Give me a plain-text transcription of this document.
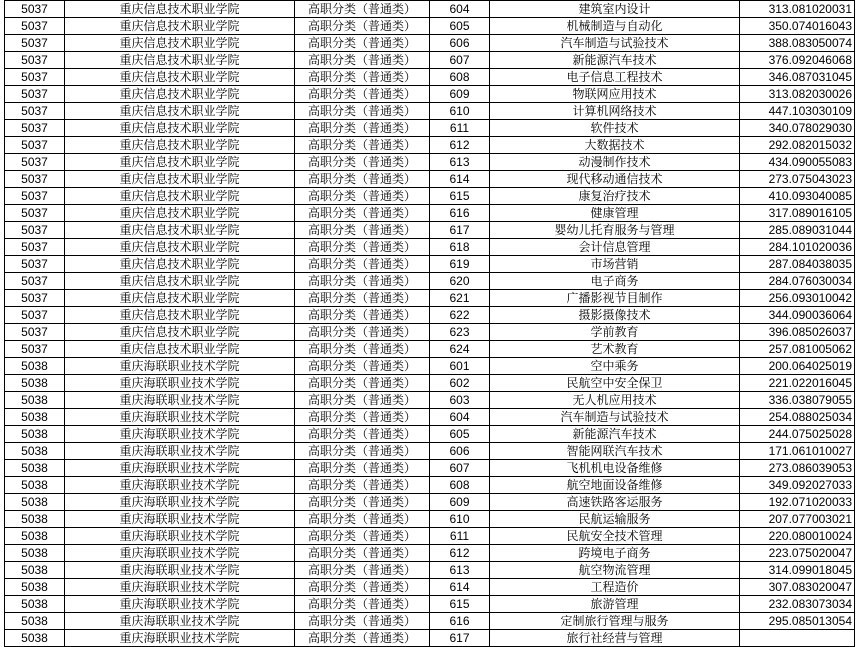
5037	重庆信息技术职业学院	高职分类（普通类）	604	建筑室内设计	313.081020031
5037	重庆信息技术职业学院	高职分类（普通类）	605	机械制造与自动化	350.074016043
5037	重庆信息技术职业学院	高职分类（普通类）	606	汽车制造与试验技术	388.083050074
5037	重庆信息技术职业学院	高职分类（普通类）	607	新能源汽车技术	376.092046068
5037	重庆信息技术职业学院	高职分类（普通类）	608	电子信息工程技术	346.087031045
5037	重庆信息技术职业学院	高职分类（普通类）	609	物联网应用技术	313.082030026
5037	重庆信息技术职业学院	高职分类（普通类）	610	计算机网络技术	447.103030109
5037	重庆信息技术职业学院	高职分类（普通类）	611	软件技术	340.078029030
5037	重庆信息技术职业学院	高职分类（普通类）	612	大数据技术	292.082015032
5037	重庆信息技术职业学院	高职分类（普通类）	613	动漫制作技术	434.090055083
5037	重庆信息技术职业学院	高职分类（普通类）	614	现代移动通信技术	273.075043023
5037	重庆信息技术职业学院	高职分类（普通类）	615	康复治疗技术	410.093040085
5037	重庆信息技术职业学院	高职分类（普通类）	616	健康管理	317.089016105
5037	重庆信息技术职业学院	高职分类（普通类）	617	婴幼儿托育服务与管理	285.089031044
5037	重庆信息技术职业学院	高职分类（普通类）	618	会计信息管理	284.101020036
5037	重庆信息技术职业学院	高职分类（普通类）	619	市场营销	287.084038035
5037	重庆信息技术职业学院	高职分类（普通类）	620	电子商务	284.076030034
5037	重庆信息技术职业学院	高职分类（普通类）	621	广播影视节目制作	256.093010042
5037	重庆信息技术职业学院	高职分类（普通类）	622	摄影摄像技术	344.090036064
5037	重庆信息技术职业学院	高职分类（普通类）	623	学前教育	396.085026037
5037	重庆信息技术职业学院	高职分类（普通类）	624	艺术教育	257.081005062
5038	重庆海联职业技术学院	高职分类（普通类）	601	空中乘务	200.064025019
5038	重庆海联职业技术学院	高职分类（普通类）	602	民航空中安全保卫	221.022016045
5038	重庆海联职业技术学院	高职分类（普通类）	603	无人机应用技术	336.038079055
5038	重庆海联职业技术学院	高职分类（普通类）	604	汽车制造与试验技术	254.088025034
5038	重庆海联职业技术学院	高职分类（普通类）	605	新能源汽车技术	244.075025028
5038	重庆海联职业技术学院	高职分类（普通类）	606	智能网联汽车技术	171.061010027
5038	重庆海联职业技术学院	高职分类（普通类）	607	飞机机电设备维修	273.086039053
5038	重庆海联职业技术学院	高职分类（普通类）	608	航空地面设备维修	349.092027033
5038	重庆海联职业技术学院	高职分类（普通类）	609	高速铁路客运服务	192.071020033
5038	重庆海联职业技术学院	高职分类（普通类）	610	民航运输服务	207.077003021
5038	重庆海联职业技术学院	高职分类（普通类）	611	民航安全技术管理	220.080010024
5038	重庆海联职业技术学院	高职分类（普通类）	612	跨境电子商务	223.075020047
5038	重庆海联职业技术学院	高职分类（普通类）	613	航空物流管理	314.099018045
5038	重庆海联职业技术学院	高职分类（普通类）	614	工程造价	307.083020047
5038	重庆海联职业技术学院	高职分类（普通类）	615	旅游管理	232.083073034
5038	重庆海联职业技术学院	高职分类（普通类）	616	定制旅行管理与服务	295.085013054
5038	重庆海联职业技术学院	高职分类（普通类）	617	旅行社经营与管理	
